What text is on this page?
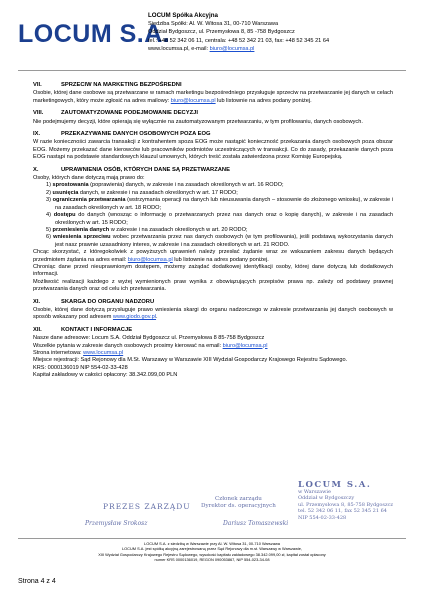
LOCUM S.A.
LOCUM Spółka Akcyjna
Siedziba Spółki: Al. W. Witosa 31, 00-710 Warszawa
Oddział Bydgoszcz, ul. Przemysłowa 8, 85 -758 Bydgoszcz
tel.: +48 52 342 06 11, centrala: +48 52 342 21 03, fax: +48 52 345 21 64
www.locumsa.pl, e-mail: biuro@locumsa.pl
VII.	SPRZECIW NA MARKETING BEZPOŚREDNI
Osobie, której dane osobowe są przetwarzane w ramach marketingu bezpośredniego przysługuje sprzeciw na przetwarzanie jej danych w celach marketingowych, który może zgłosić na adres mailowy: biuro@locumsa.pl lub listownie na adres podany poniżej.
VIII.	ZAUTOMATYZOWANE PODEJMOWANIE DECYZJI
Nie podejmujemy decyzji, które opierają się wyłącznie na zautomatyzowanym przetwarzaniu, w tym profilowaniu, danych osobowych.
IX.	PRZEKAZYWANIE DANYCH OSOBOWYCH POZA EOG
W razie konieczności zawarcia transakcji z kontrahentem spoza EOG może nastąpić konieczność przekazania danych osobowych poza obszar EOG. Możemy przekazać dane kierowców lub pracowników podmiotów uczestniczących w transakcji. Co do zasady, przekazanie danych poza EOG nastąpi na podstawie standardowych klauzul umownych, których treść została zatwierdzona przez Komisję Europejską.
X.	UPRAWNIENIA OSÓB, KTÓRYCH DANE SĄ PRZETWARZANE
Osoby, których dane dotyczą mają prawo do:
1) sprostowania (poprawienia) danych, w zakresie i na zasadach określonych w art. 16 RODO;
2) usunięcia danych, w zakresie i na zasadach określonych w art. 17 RODO;
3) ograniczenia przetwarzania (wstrzymania operacji na danych lub nieusuwania danych – stosownie do złożonego wniosku), w zakresie i na zasadach określonych w art. 18 RODO;
4) dostępu do danych (wnosząc o informację o przetwarzanych przez nas danych oraz o kopię danych), w zakresie i na zasadach określonych w art. 15 RODO;
5) przeniesienia danych w zakresie i na zasadach określonych w art. 20 RODO;
6) wniesienia sprzeciwu wobec przetwarzania przez nas danych osobowych (w tym profilowania), jeśli podstawą wykorzystania danych jest nasz prawnie uzasadniony interes, w zakresie i na zasadach określonych w art. 21 RODO.
Chcąc skorzystać, z któregokolwiek z powyższych uprawnień należy przesłać żądanie wraz ze wskazaniem zakresu danych będących przedmiotem żądania na adres email: biuro@locumsa.pl lub listownie na adres podany poniżej.
Chroniąc dane przed nieuprawnionym dostępem, możemy zażądać dodatkowej identyfikacji osoby, której dane dotyczą lub dodatkowych informacji.
Możliwość realizacji każdego z wyżej wymienionych praw wynika z obowiązujących przepisów prawa np. zależy od podstawy prawnej przetwarzania danych oraz od celu ich przetwarzania.
XI.	SKARGA DO ORGANU NADZORU
Osobie, której dane dotyczą przysługuje prawo wniesienia skargi do organu nadzorczego w zakresie przetwarzania jej danych osobowych w sposób wskazany pod adresem www.giodo.gov.pl.
XII.	KONTAKT I INFORMACJE
Nasze dane adresowe: Locum S.A. Oddział Bydgoszcz ul. Przemysłowa 8 85-758 Bydgoszcz
Wszelkie pytania w zakresie danych osobowych prosimy kierować na email: biuro@locumsa.pl
Strona internetowa: www.locumsa.pl
Miejsce rejestracji: Sąd Rejonowy dla M.St. Warszawy w Warszawie XIII Wydział Gospodarczy Krajowego Rejestru Sądowego.
KRS: 0000136019 NIP 554-02-33-428
Kapitał zakładowy w całości opłacony: 38.342.099,00 PLN
PREZES ZARZĄDU
Przemysław Srokosz
Członek zarządu
Dyrektor ds. operacyjnych
Dariusz Tomaszewski
LOCUM S.A.
w Warszawie
Oddział w Bydgoszczy
ul. Przemysłowa 8, 85-758 Bydgoszcz
tel. 52 342 06 11, fax 52 345 21 64
NIP 554-02-33-428
LOCUM S.A. z siedzibą w Warszawie przy Al. W. Witosa 31, 00-710 Warszawa
LOCUM S.A. jest spółką akcyjną zarejestrowaną przez Sąd Rejonowy dla m.st. Warszawy w Warszawie,
XIII Wydział Gospodarczy Krajowego Rejestru Sądowego, wysokość kapitału zakładowego 38.342.099,00 zł, kapitał został opłacony
numer KRS 0000136019, REGON 090053867, NIP 554-023-34-08
Strona 4 z 4
